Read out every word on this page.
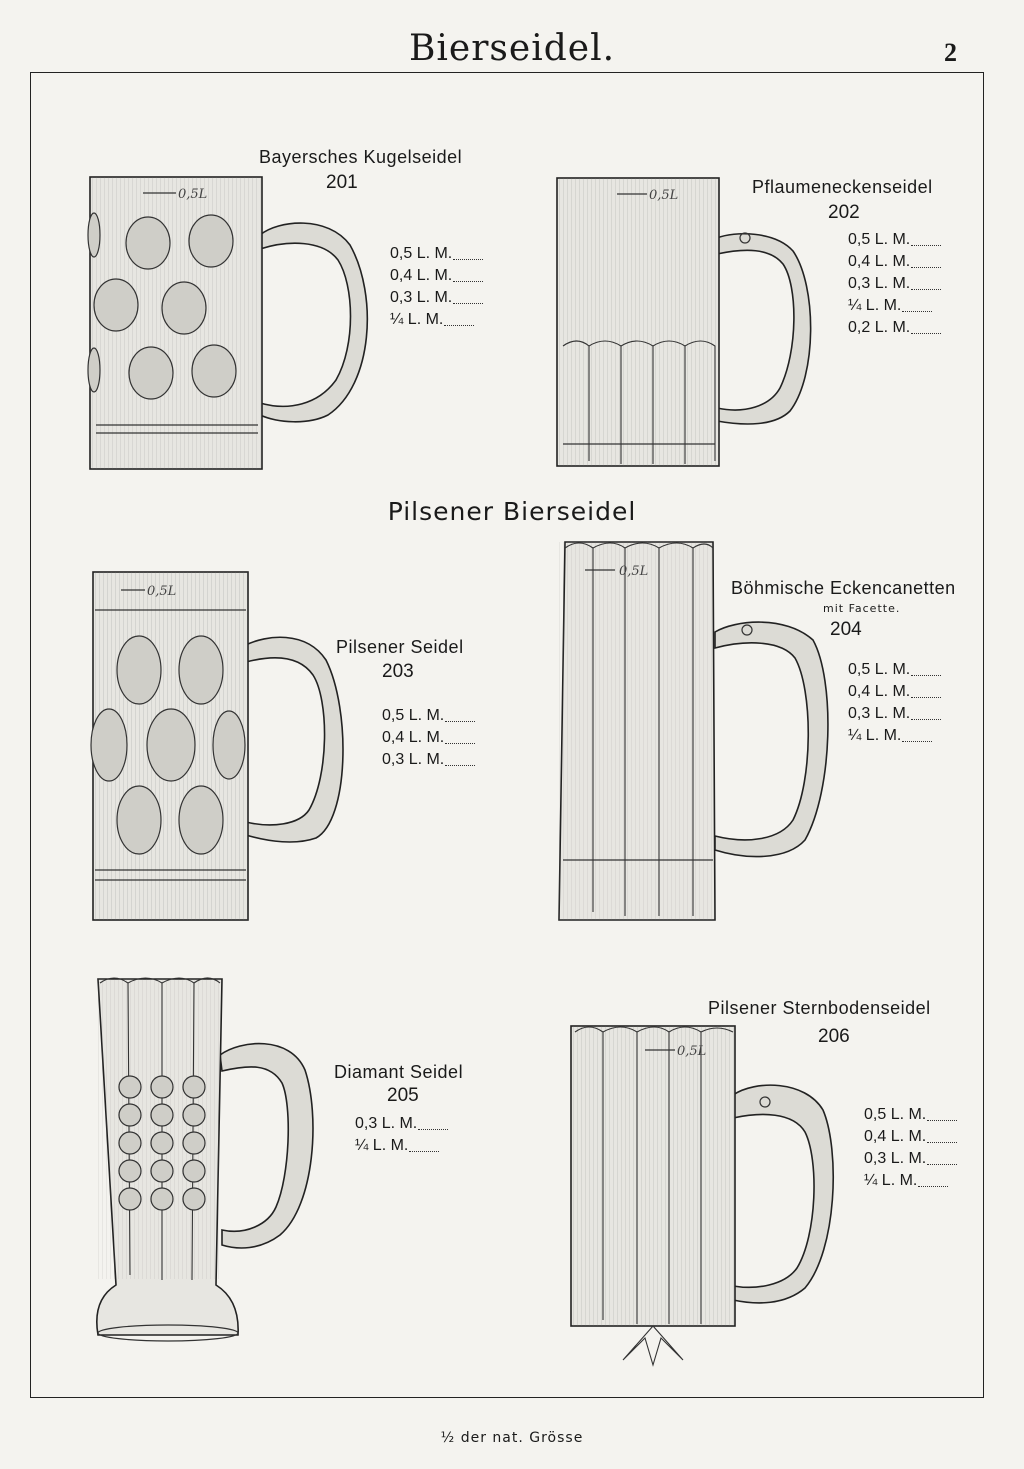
Bierseidel.	2
0,5L
Bayersches Kugelseidel
201
0,5 L. M.
0,4 L. M.
0,3 L. M.
¼ L. M.
0,5L	Pflaumeneckenseidel
202
0,5 L. M.
0,4 L. M.
0,3 L. M.
¼ L. M.
0,2 L. M.
Pilsener Bierseidel
0,5L
Pilsener Seidel
203
0,5 L. M.
0,4 L. M.
0,3 L. M.
0,5L
Böhmische Eckencanetten
mit Facette.
204
0,5 L. M.
0,4 L. M.
0,3 L. M.
¼ L. M.
Diamant Seidel
205
0,3 L. M.
¼ L. M.
0,5L
Pilsener Sternbodenseidel
206
0,5 L. M.
0,4 L. M.
0,3 L. M.
¼ L. M.
½ der nat. Grösse
